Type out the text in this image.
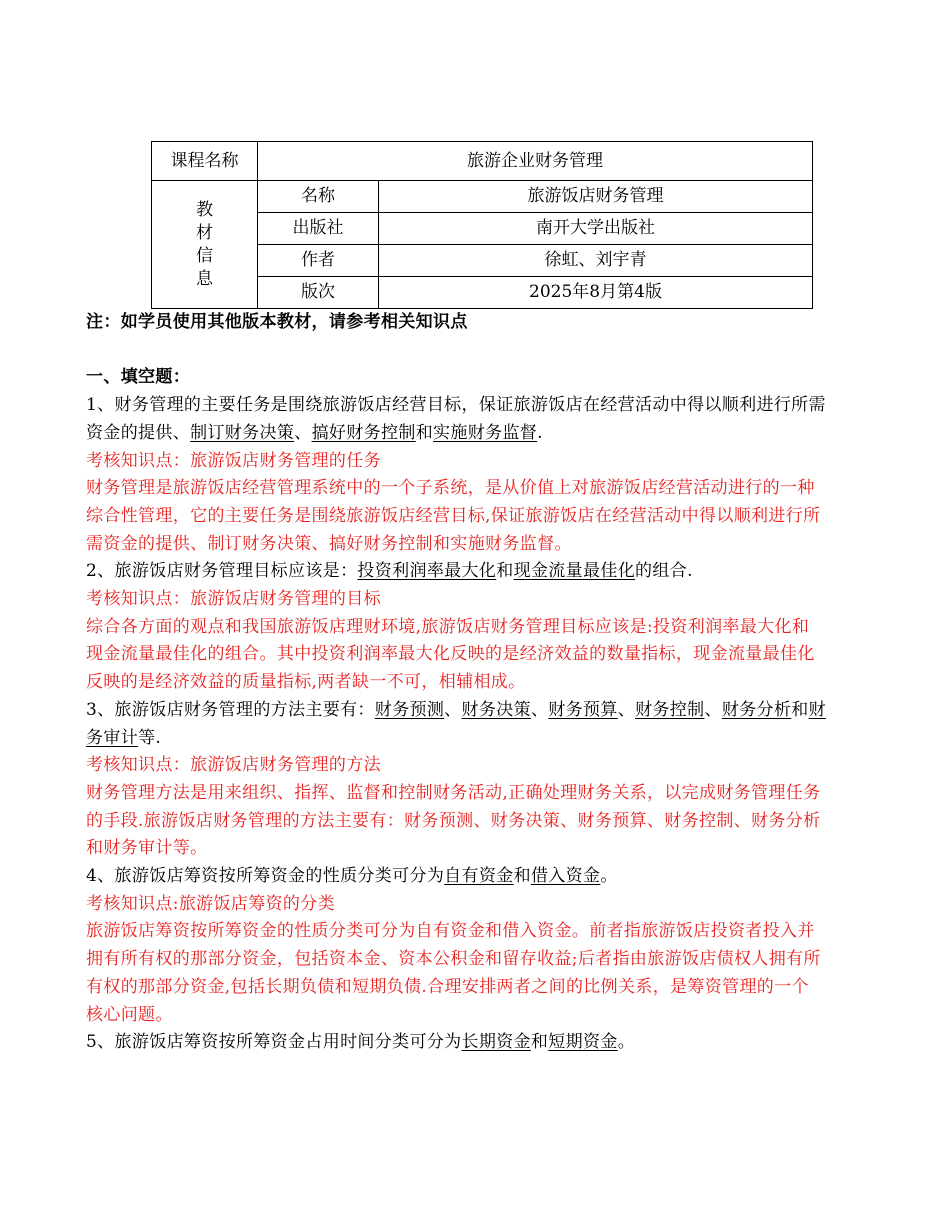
课程名称	旅游企业财务管理	

教
材
信
息	名称	旅游饭店财务管理
	出版社	南开大学出版社
	作者	徐虹、刘宇青
	版次	2025年8月第4版
注：如学员使用其他版本教材，请参考相关知识点
一、填空题：
1、财务管理的主要任务是围绕旅游饭店经营目标，保证旅游饭店在经营活动中得以顺利进行所需
资金的提供、制订财务决策、搞好财务控制和实施财务监督.
考核知识点：旅游饭店财务管理的任务
财务管理是旅游饭店经营管理系统中的一个子系统，是从价值上对旅游饭店经营活动进行的一种
综合性管理，它的主要任务是围绕旅游饭店经营目标,保证旅游饭店在经营活动中得以顺利进行所
需资金的提供、制订财务决策、搞好财务控制和实施财务监督。
2、旅游饭店财务管理目标应该是：投资利润率最大化和现金流量最佳化的组合.
考核知识点：旅游饭店财务管理的目标
综合各方面的观点和我国旅游饭店理财环境,旅游饭店财务管理目标应该是:投资利润率最大化和
现金流量最佳化的组合。其中投资利润率最大化反映的是经济效益的数量指标，现金流量最佳化
反映的是经济效益的质量指标,两者缺一不可，相辅相成。
3、旅游饭店财务管理的方法主要有：财务预测、财务决策、财务预算、财务控制、财务分析和财
务审计等.
考核知识点：旅游饭店财务管理的方法
财务管理方法是用来组织、指挥、监督和控制财务活动,正确处理财务关系，以完成财务管理任务
的手段.旅游饭店财务管理的方法主要有：财务预测、财务决策、财务预算、财务控制、财务分析
和财务审计等。
4、旅游饭店筹资按所筹资金的性质分类可分为自有资金和借入资金。
考核知识点:旅游饭店筹资的分类
旅游饭店筹资按所筹资金的性质分类可分为自有资金和借入资金。前者指旅游饭店投资者投入并
拥有所有权的那部分资金，包括资本金、资本公积金和留存收益;后者指由旅游饭店债权人拥有所
有权的那部分资金,包括长期负债和短期负债.合理安排两者之间的比例关系，是筹资管理的一个
核心问题。
5、旅游饭店筹资按所筹资金占用时间分类可分为长期资金和短期资金。
